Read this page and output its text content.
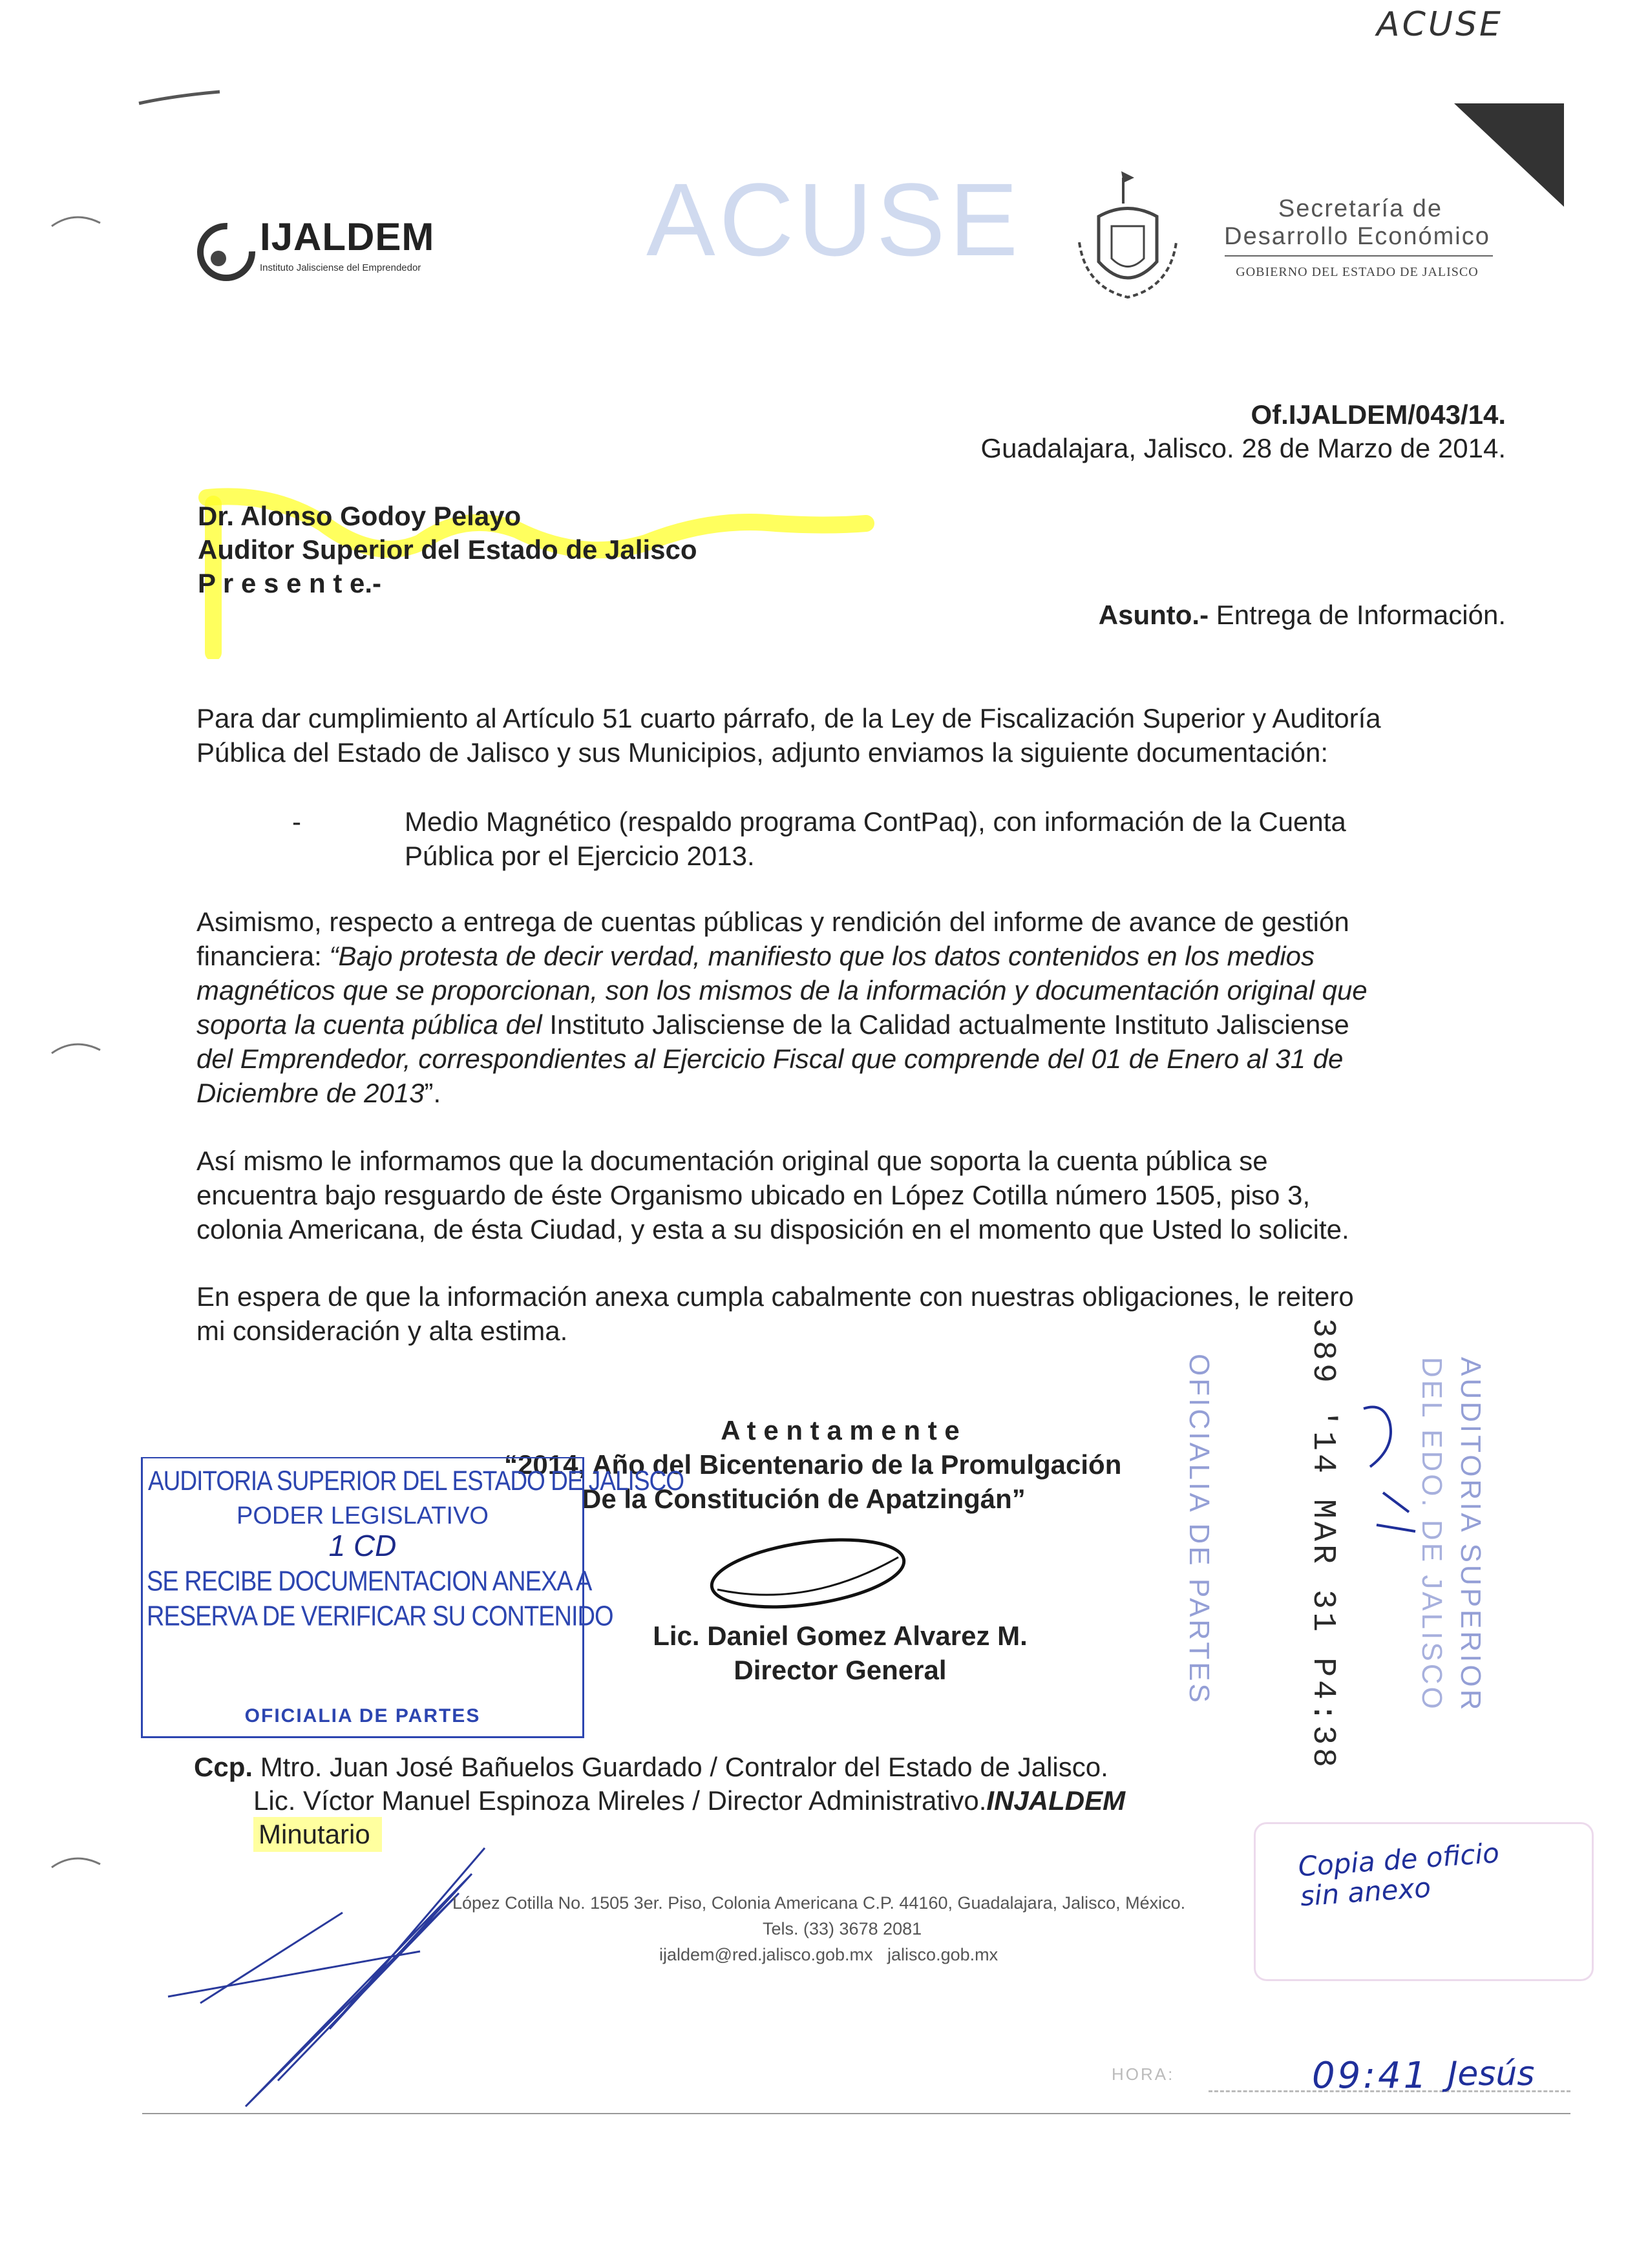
ACUSE
IJALDEM
Instituto Jalisciense del Emprendedor ACUSE	Secretaría de
Desarrollo Económico
GOBIERNO DEL ESTADO DE JALISCO
Of.IJALDEM/043/14.
Guadalajara, Jalisco. 28 de Marzo de 2014.
Dr. Alonso Godoy Pelayo
Auditor Superior del Estado de Jalisco
P r e s e n t e.-
Asunto.- Entrega de Información.
Para dar cumplimiento al Artículo 51 cuarto párrafo, de la Ley de Fiscalización Superior y Auditoría
Pública del Estado de Jalisco y sus Municipios, adjunto enviamos la siguiente documentación:
-	Medio Magnético (respaldo programa ContPaq), con información de la Cuenta
Pública por el Ejercicio 2013.
Asimismo, respecto a entrega de cuentas públicas y rendición del informe de avance de gestión
financiera: “Bajo protesta de decir verdad, manifiesto que los datos contenidos en los medios
magnéticos que se proporcionan, son los mismos de la información y documentación original que
soporta la cuenta pública del Instituto Jalisciense de la Calidad actualmente Instituto Jalisciense
del Emprendedor, correspondientes al Ejercicio Fiscal que comprende del 01 de Enero al 31 de
Diciembre de 2013”.
Así mismo le informamos que la documentación original que soporta la cuenta pública se
encuentra bajo resguardo de éste Organismo ubicado en López Cotilla número 1505, piso 3,
colonia Americana, de ésta Ciudad, y esta a su disposición en el momento que Usted lo solicite.
En espera de que la información anexa cumpla cabalmente con nuestras obligaciones, le reitero
mi consideración y alta estima.
A t e n t a m e n t e
“2014, Año del Bicentenario de la Promulgación
De la Constitución de Apatzingán”
Lic. Daniel Gomez Alvarez M.
Director General
AUDITORIA SUPERIOR DEL ESTADO DE JALISCO
PODER LEGISLATIVO
1 CD
SE RECIBE DOCUMENTACION ANEXA A
RESERVA DE VERIFICAR SU CONTENIDO
OFICIALIA DE PARTES
OFICIALIA DE PARTES	389 '14 MAR 31 P4:38	AUDITORIA SUPERIOR
DEL EDO. DE JALISCO
Ccp. Mtro. Juan José Bañuelos Guardado / Contralor del Estado de Jalisco.
Lic. Víctor Manuel Espinoza Mireles / Director Administrativo.INJALDEM
Minutario
López Cotilla No. 1505 3er. Piso, Colonia Americana C.P. 44160, Guadalajara, Jalisco, México.
Tels. (33) 3678 2081
ijaldem@red.jalisco.gob.mx   jalisco.gob.mx
Copia de oficio sin anexo
HORA:	09:41 Jesús
